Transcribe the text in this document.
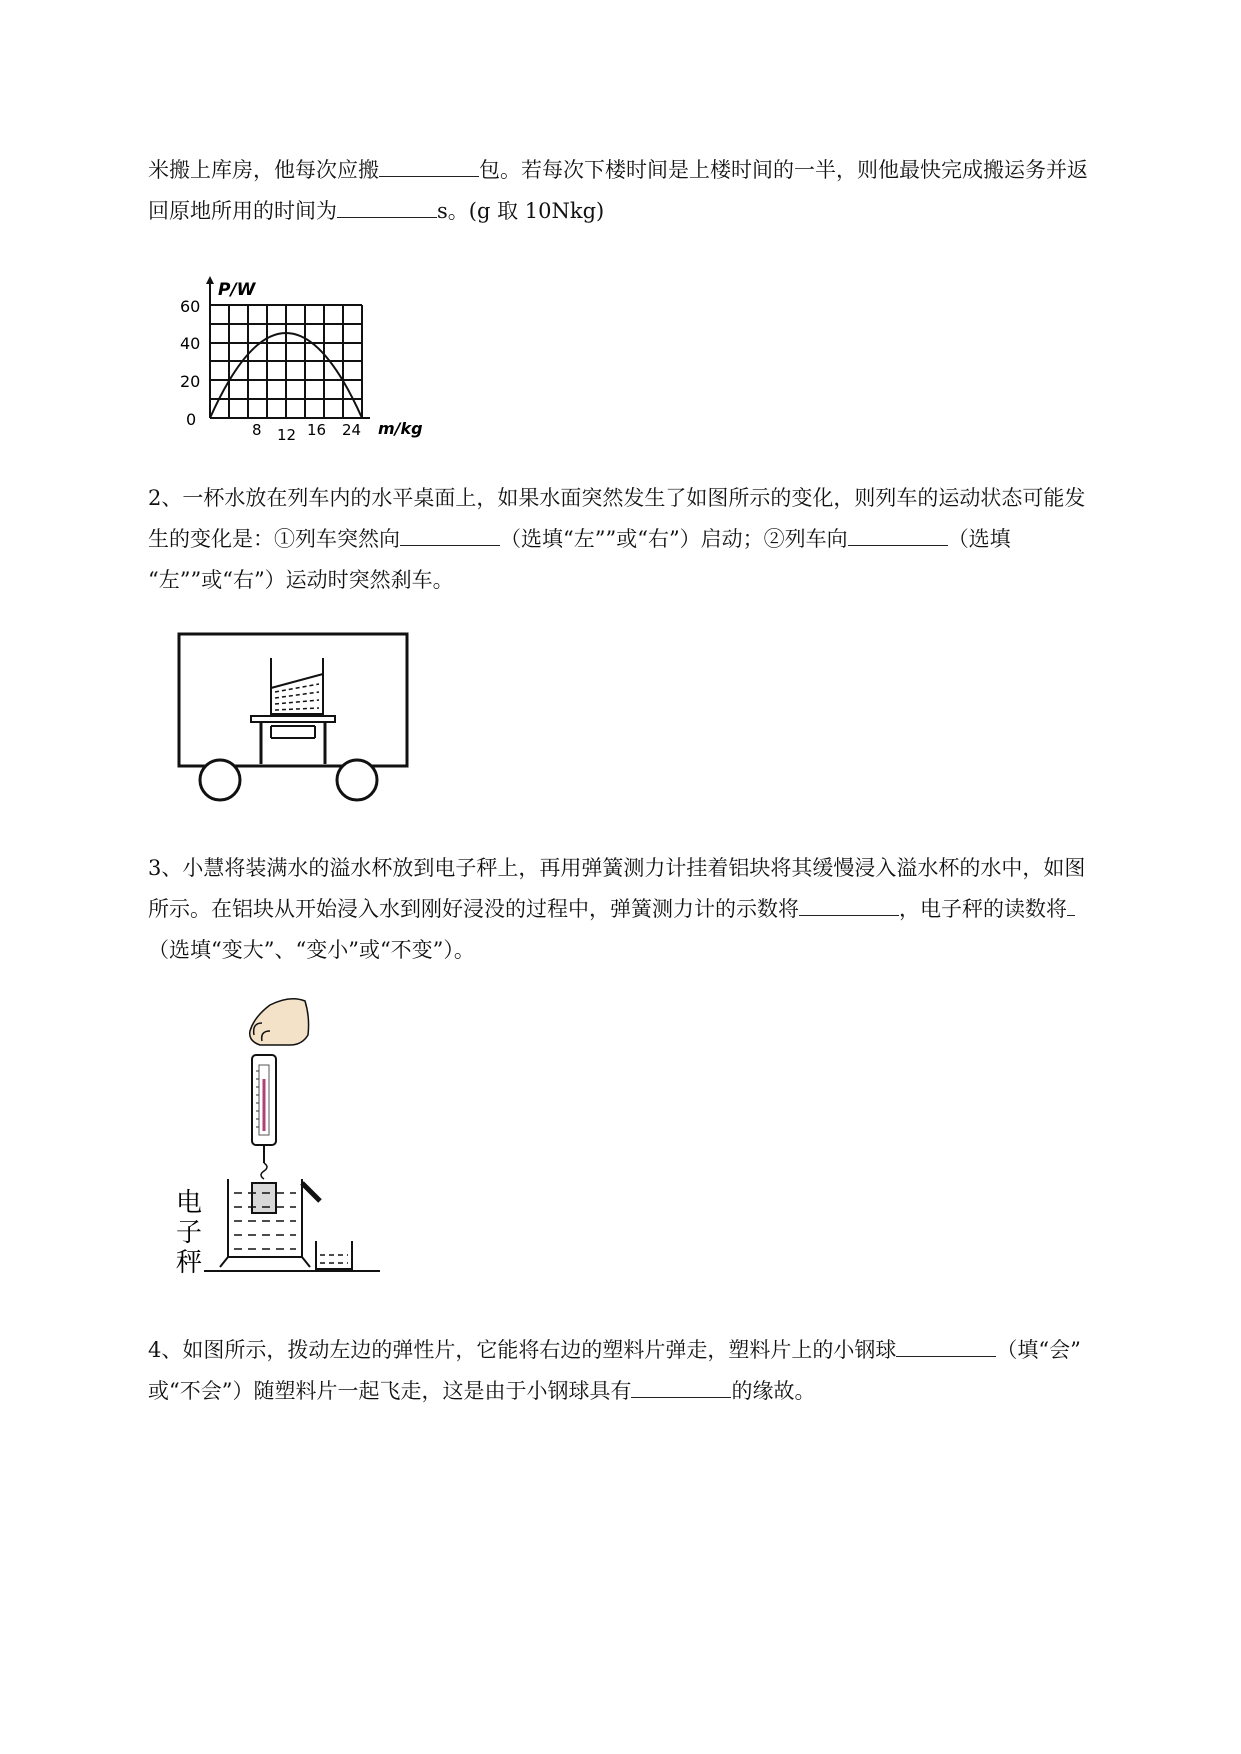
米搬上库房，他每次应搬	包。若每次下楼时间是上楼时间的一半，则他最快完成搬运务并返
回原地所用的时间为	s。(g 取 10Nkg)
P/W
0
20
40
60
8 12 16 24 m/kg
2、一杯水放在列车内的水平桌面上，如果水面突然发生了如图所示的变化，则列车的运动状态可能发
生的变化是：①列车突然向	（选填“左””或“右”）启动；②列车向	（选填
“左””或“右”）运动时突然刹车。
3、小慧将装满水的溢水杯放到电子秤上，再用弹簧测力计挂着铝块将其缓慢浸入溢水杯的水中，如图
所示。在铝块从开始浸入水到刚好浸没的过程中，弹簧测力计的示数将	，电子秤的读数将
（选填“变大”、“变小”或“不变”）。
电
子
秤
4、如图所示，拨动左边的弹性片，它能将右边的塑料片弹走，塑料片上的小钢球	（填“会”
或“不会”）随塑料片一起飞走，这是由于小钢球具有	的缘故。
